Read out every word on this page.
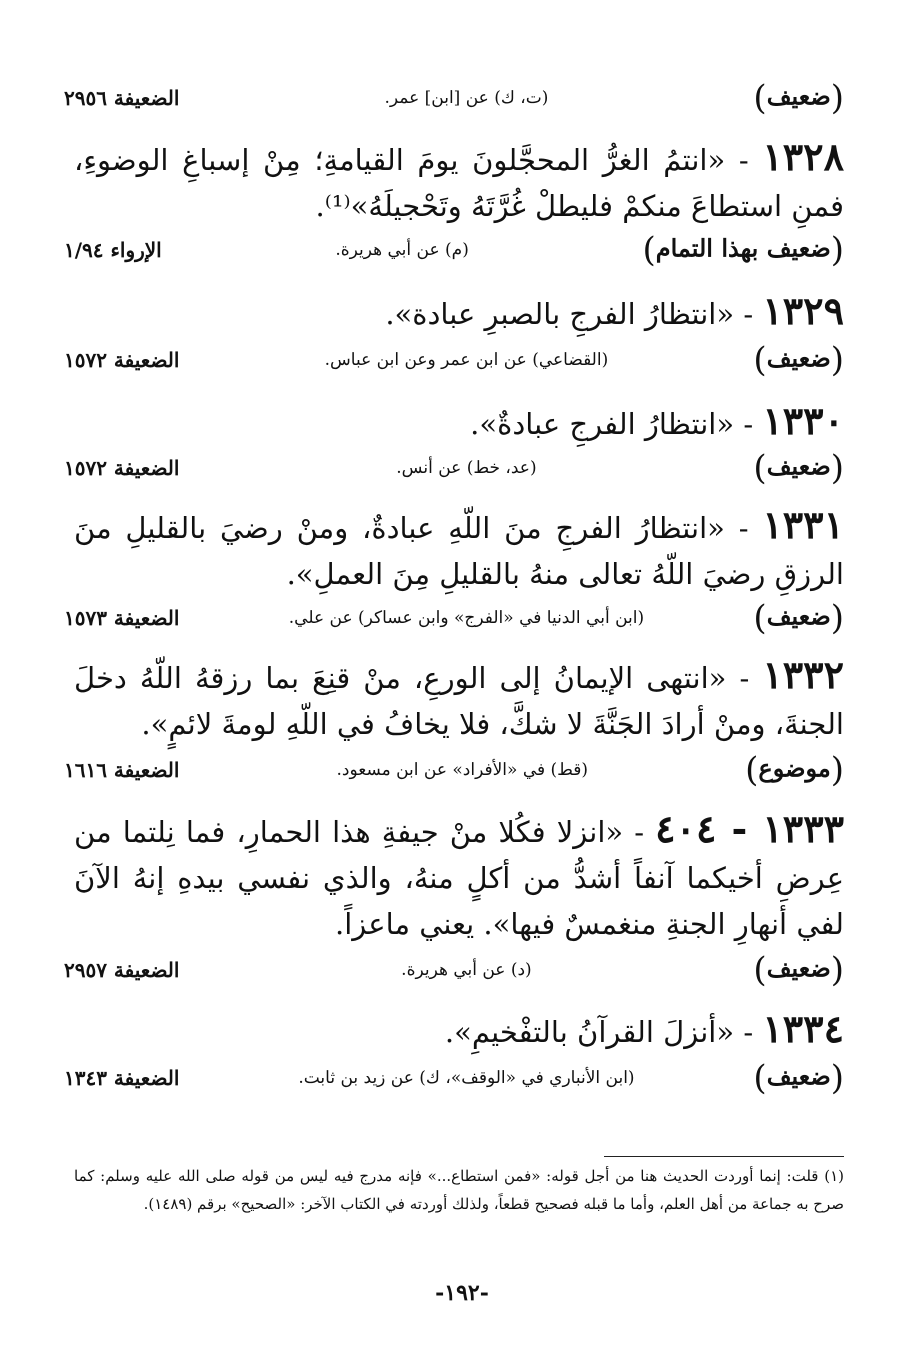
(ضعيف)
(ت، ك) عن [ابن] عمر.
الضعيفة ٢٩٥٦
١٣٢٨ - «انتمُ الغرُّ المحجَّلونَ يومَ القيامةِ؛ مِنْ إسباغِ الوضوءِ، فمنِ استطاعَ منكمْ فليطلْ غُرَّتَهُ وتَحْجيلَهُ»⁽¹⁾.
(ضعيف بهذا التمام)
(م) عن أبي هريرة.
الإرواء ١/٩٤
١٣٢٩ - «انتظارُ الفرجِ بالصبرِ عبادة».
(ضعيف)
(القضاعي) عن ابن عمر وعن ابن عباس.
الضعيفة ١٥٧٢
١٣٣٠ - «انتظارُ الفرجِ عبادةٌ».
(ضعيف)
(عد، خط) عن أنس.
الضعيفة ١٥٧٢
١٣٣١ - «انتظارُ الفرجِ منَ اللّهِ عبادةٌ، ومنْ رضيَ بالقليلِ منَ الرزقِ رضيَ اللّهُ تعالى منهُ بالقليلِ مِنَ العملِ».
(ضعيف)
(ابن أبي الدنيا في «الفرج» وابن عساكر) عن علي.
الضعيفة ١٥٧٣
١٣٣٢ - «انتهى الإيمانُ إلى الورعِ، منْ قنِعَ بما رزقهُ اللّهُ دخلَ الجنةَ، ومنْ أرادَ الجَنَّةَ لا شكَّ، فلا يخافُ في اللّهِ لومةَ لائمٍ».
(موضوع)
(قط) في «الأفراد» عن ابن مسعود.
الضعيفة ١٦١٦
١٣٣٣ - ٤٠٤ - «انزلا فكُلا منْ جيفةِ هذا الحمارِ، فما نِلتما من عِرضِ أخيكما آنفاً أشدُّ من أكلٍ منهُ، والذي نفسي بيدهِ إنهُ الآنَ لفي أنهارِ الجنةِ منغمسٌ فيها». يعني ماعزاً.
(ضعيف)
(د) عن أبي هريرة.
الضعيفة ٢٩٥٧
١٣٣٤ - «أنزلَ القرآنُ بالتفْخيمِ».
(ضعيف)
(ابن الأنباري في «الوقف»، ك) عن زيد بن ثابت.
الضعيفة ١٣٤٣
(١) قلت: إنما أوردت الحديث هنا من أجل قوله: «فمن استطاع...» فإنه مدرج فيه ليس من قوله صلى الله عليه وسلم: كما صرح به جماعة من أهل العلم، وأما ما قبله فصحيح قطعاً، ولذلك أوردته في الكتاب الآخر: «الصحيح» برقم (١٤٨٩).
-١٩٢-
